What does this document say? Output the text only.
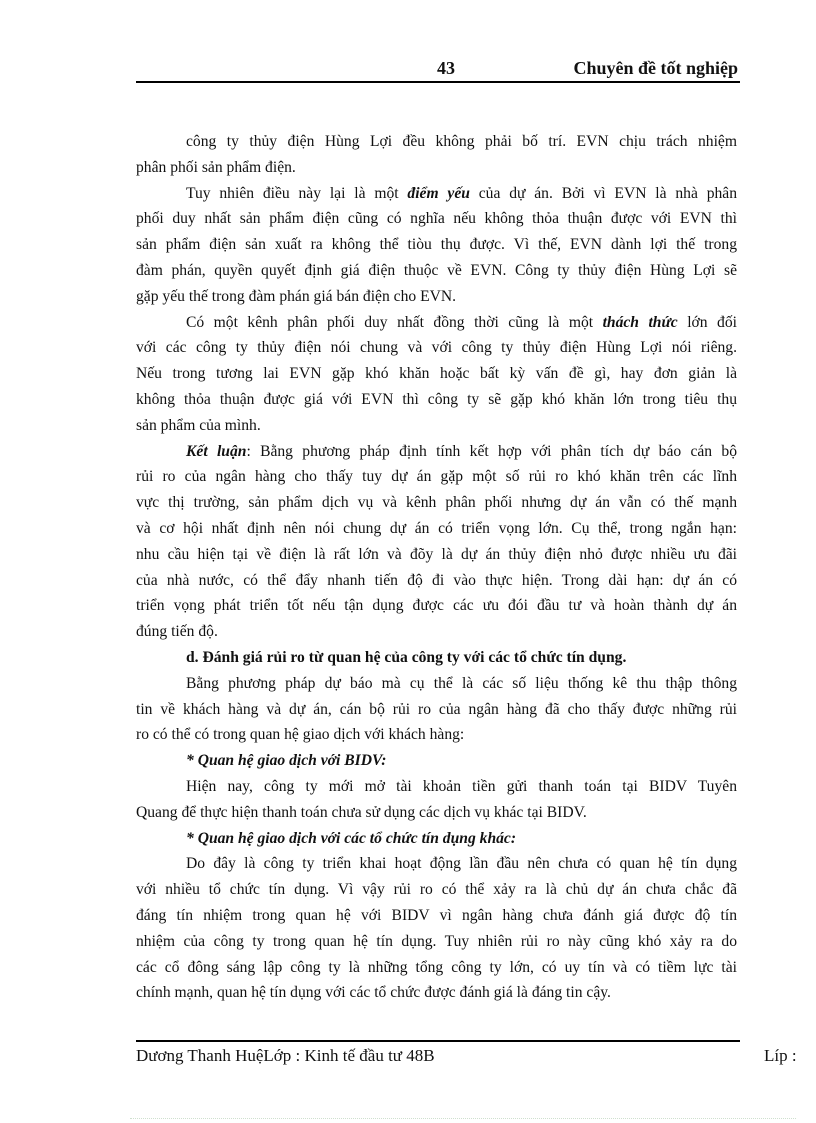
43	Chuyên đề tốt nghiệp
công ty thủy điện Hùng Lợi đều không phải bố trí. EVN chịu trách nhiệm
phân phối sản phẩm điện.
Tuy nhiên điều này lại là một điểm yếu của dự án. Bởi vì EVN là nhà phân
phối duy nhất sản phẩm điện cũng có nghĩa nếu không thỏa thuận được với EVN thì
sản phẩm điện sản xuất ra không thể tiòu thụ được. Vì thế, EVN dành lợi thế trong
đàm phán, quyền quyết định giá điện thuộc về EVN. Công ty thủy điện Hùng Lợi sẽ
gặp yếu thế trong đàm phán giá bán điện cho EVN.
Có một kênh phân phối duy nhất đồng thời cũng là một thách thức lớn đối
với các công ty thủy điện nói chung và với công ty thủy điện Hùng Lợi nói riêng.
Nếu trong tương lai EVN gặp khó khăn hoặc bất kỳ vấn đề gì, hay đơn giản là
không thỏa thuận được giá với EVN thì công ty sẽ gặp khó khăn lớn trong tiêu thụ
sản phẩm của mình.
Kết luận: Bằng phương pháp định tính kết hợp với phân tích dự báo cán bộ
rủi ro của ngân hàng cho thấy tuy dự án gặp một số rủi ro khó khăn trên các lĩnh
vực thị trường, sản phẩm dịch vụ và kênh phân phối nhưng dự án vẫn có thế mạnh
và cơ hội nhất định nên nói chung dự án có triển vọng lớn. Cụ thể, trong ngắn hạn:
nhu cầu hiện tại về điện là rất lớn và đõy là dự án thủy điện nhỏ được nhiều ưu đãi
của nhà nước, có thể đẩy nhanh tiến độ đi vào thực hiện. Trong dài hạn: dự án có
triển vọng phát triển tốt nếu tận dụng được các ưu đói đầu tư và hoàn thành dự án
đúng tiến độ.
d. Đánh giá rủi ro từ quan hệ của công ty với các tổ chức tín dụng.
Bằng phương pháp dự báo mà cụ thể là các số liệu thống kê thu thập thông
tin về khách hàng và dự án, cán bộ rủi ro của ngân hàng đã cho thấy được những rủi
ro có thể có trong quan hệ giao dịch với khách hàng:
* Quan hệ giao dịch với BIDV:
Hiện nay, công ty mới mở tài khoản tiền gửi thanh toán tại BIDV Tuyên
Quang để thực hiện thanh toán chưa sử dụng các dịch vụ khác tại BIDV.
* Quan hệ giao dịch với các tổ chức tín dụng khác:
Do đây là công ty triển khai hoạt động lần đầu nên chưa có quan hệ tín dụng
với nhiều tổ chức tín dụng. Vì vậy rủi ro có thể xảy ra là chủ dự án chưa chắc đã
đáng tín nhiệm trong quan hệ với BIDV vì ngân hàng chưa đánh giá được độ tín
nhiệm của công ty trong quan hệ tín dụng. Tuy nhiên rủi ro này cũng khó xảy ra do
các cổ đông sáng lập công ty là những tổng công ty lớn, có uy tín và có tiềm lực tài
chính mạnh, quan hệ tín dụng với các tổ chức được đánh giá là đáng tin cậy.
Dương Thanh HuệLớp : Kinh tế đầu tư 48B	Líp :
